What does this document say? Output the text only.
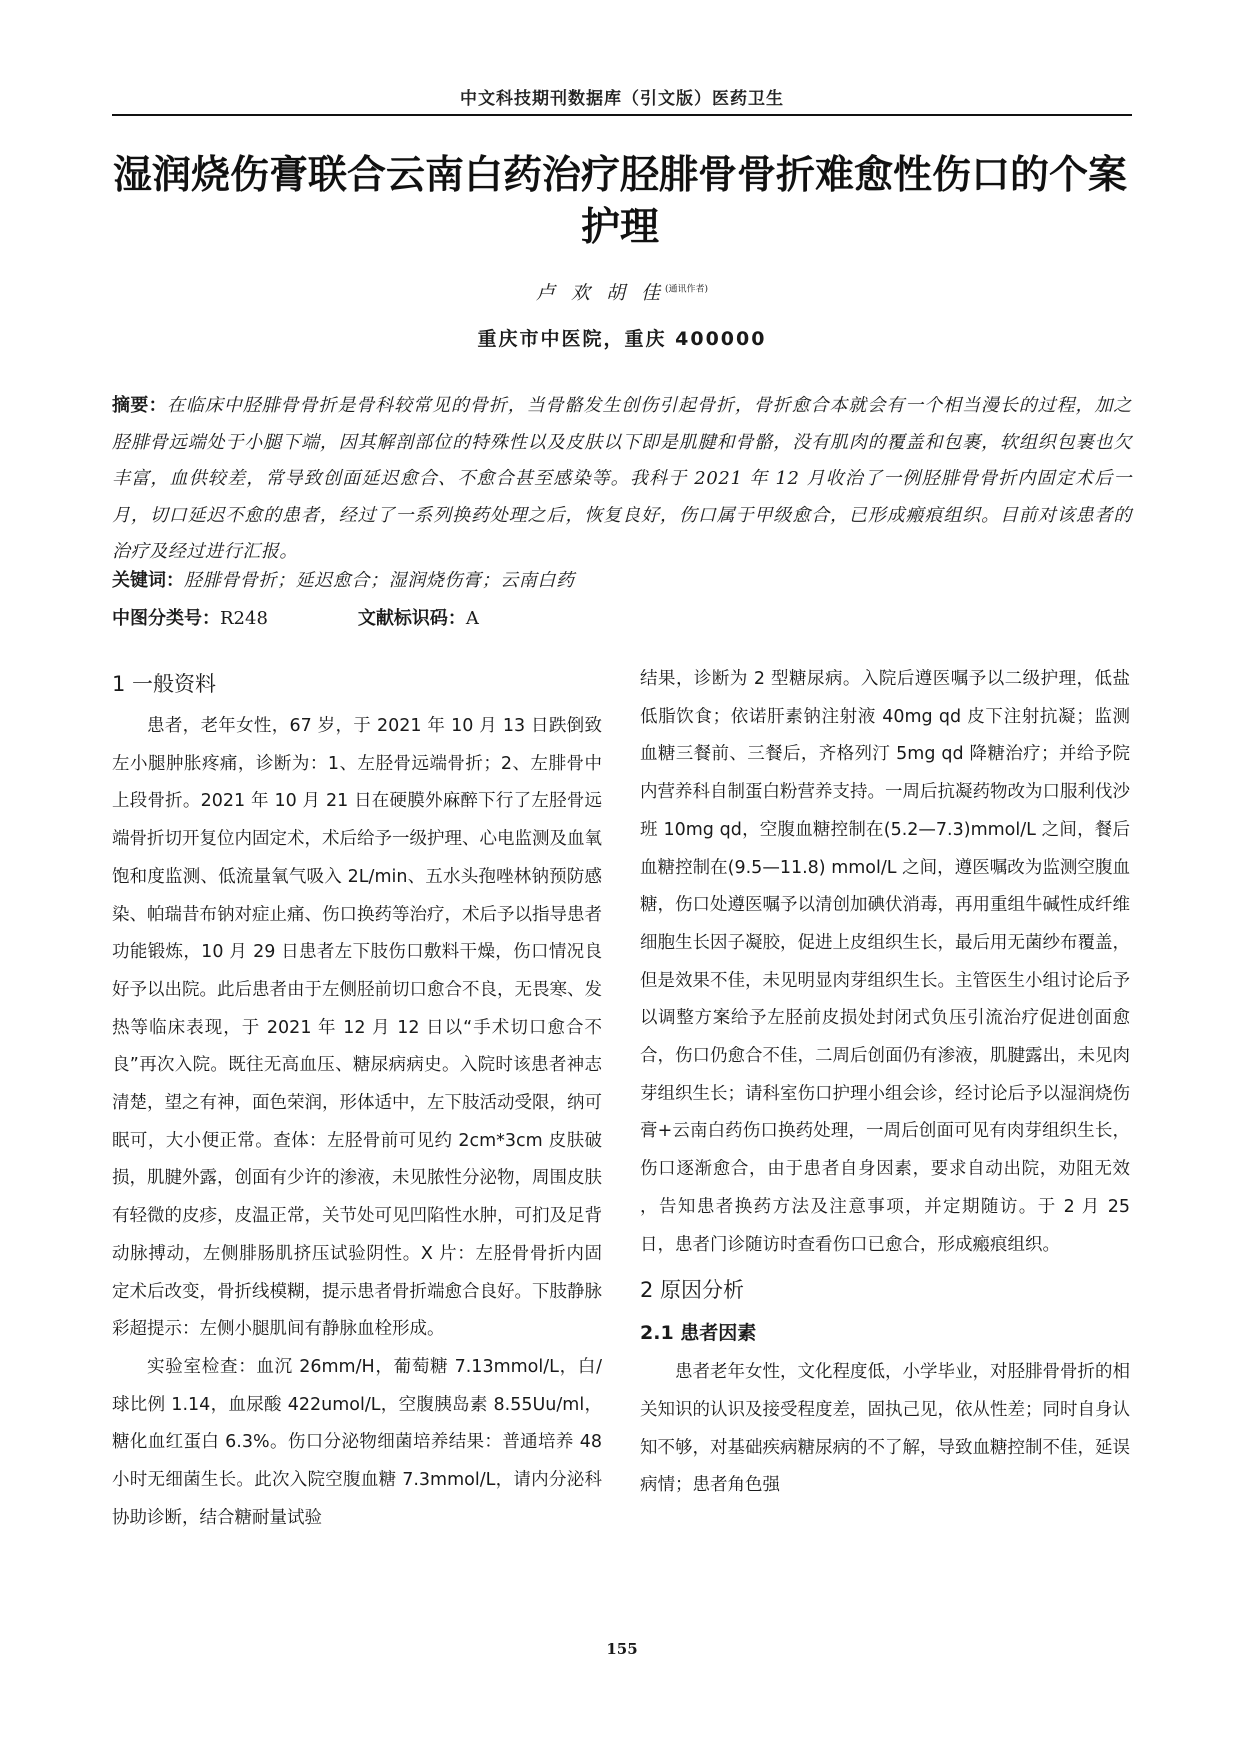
中文科技期刊数据库（引文版）医药卫生
湿润烧伤膏联合云南白药治疗胫腓骨骨折难愈性伤口的个案护理
卢 欢 胡 佳$^{(通讯作者)}$
重庆市中医院，重庆 400000
摘要：在临床中胫腓骨骨折是骨科较常见的骨折，当骨骼发生创伤引起骨折，骨折愈合本就会有一个相当漫长的过程，加之胫腓骨远端处于小腿下端，因其解剖部位的特殊性以及皮肤以下即是肌腱和骨骼，没有肌肉的覆盖和包裹，软组织包裹也欠丰富，血供较差，常导致创面延迟愈合、不愈合甚至感染等。我科于 2021 年 12 月收治了一例胫腓骨骨折内固定术后一月，切口延迟不愈的患者，经过了一系列换药处理之后，恢复良好，伤口属于甲级愈合，已形成瘢痕组织。目前对该患者的治疗及经过进行汇报。
关键词：胫腓骨骨折；延迟愈合；湿润烧伤膏；云南白药
中图分类号：R248	文献标识码：A
1 一般资料

患者，老年女性，67 岁，于 2021 年 10 月 13 日跌倒致左小腿肿胀疼痛，诊断为：1、左胫骨远端骨折；2、左腓骨中上段骨折。2021 年 10 月 21 日在硬膜外麻醉下行了左胫骨远端骨折切开复位内固定术，术后给予一级护理、心电监测及血氧饱和度监测、低流量氧气吸入 2L/min、五水头孢唑林钠预防感染、帕瑞昔布钠对症止痛、伤口换药等治疗，术后予以指导患者功能锻炼，10 月 29 日患者左下肢伤口敷料干燥，伤口情况良好予以出院。此后患者由于左侧胫前切口愈合不良，无畏寒、发热等临床表现，于 2021 年 12 月 12 日以“手术切口愈合不良”再次入院。既往无高血压、糖尿病病史。入院时该患者神志清楚，望之有神，面色荣润，形体适中，左下肢活动受限，纳可眠可，大小便正常。查体：左胫骨前可见约 2cm*3cm 皮肤破损，肌腱外露，创面有少许的渗液，未见脓性分泌物，周围皮肤有轻微的皮疹，皮温正常，关节处可见凹陷性水肿，可扪及足背动脉搏动，左侧腓肠肌挤压试验阴性。X 片：左胫骨骨折内固定术后改变，骨折线模糊，提示患者骨折端愈合良好。下肢静脉彩超提示：左侧小腿肌间有静脉血栓形成。

实验室检查：血沉 26mm/H，葡萄糖 7.13mmol/L，白/球比例 1.14，血尿酸 422umol/L，空腹胰岛素 8.55Uu/ml，糖化血红蛋白 6.3%。伤口分泌物细菌培养结果：普通培养 48 小时无细菌生长。此次入院空腹血糖 7.3mmol/L，请内分泌科协助诊断，结合糖耐量试验

结果，诊断为 2 型糖尿病。入院后遵医嘱予以二级护理，低盐低脂饮食；依诺肝素钠注射液 40mg qd 皮下注射抗凝；监测血糖三餐前、三餐后，齐格列汀 5mg qd 降糖治疗；并给予院内营养科自制蛋白粉营养支持。一周后抗凝药物改为口服利伐沙班 10mg qd，空腹血糖控制在(5.2—7.3)mmol/L 之间，餐后血糖控制在(9.5—11.8) mmol/L 之间，遵医嘱改为监测空腹血糖，伤口处遵医嘱予以清创加碘伏消毒，再用重组牛碱性成纤维细胞生长因子凝胶，促进上皮组织生长，最后用无菌纱布覆盖，但是效果不佳，未见明显肉芽组织生长。主管医生小组讨论后予以调整方案给予左胫前皮损处封闭式负压引流治疗促进创面愈合，伤口仍愈合不佳，二周后创面仍有渗液，肌腱露出，未见肉芽组织生长；请科室伤口护理小组会诊，经讨论后予以湿润烧伤膏+云南白药伤口换药处理，一周后创面可见有肉芽组织生长，伤口逐渐愈合，由于患者自身因素，要求自动出院，劝阻无效 ，告知患者换药方法及注意事项，并定期随访。于 2 月 25 日，患者门诊随访时查看伤口已愈合，形成瘢痕组织。

2 原因分析
2.1 患者因素

患者老年女性，文化程度低，小学毕业，对胫腓骨骨折的相关知识的认识及接受程度差，固执己见，依从性差；同时自身认知不够，对基础疾病糖尿病的不了解，导致血糖控制不佳，延误病情；患者角色强

155
